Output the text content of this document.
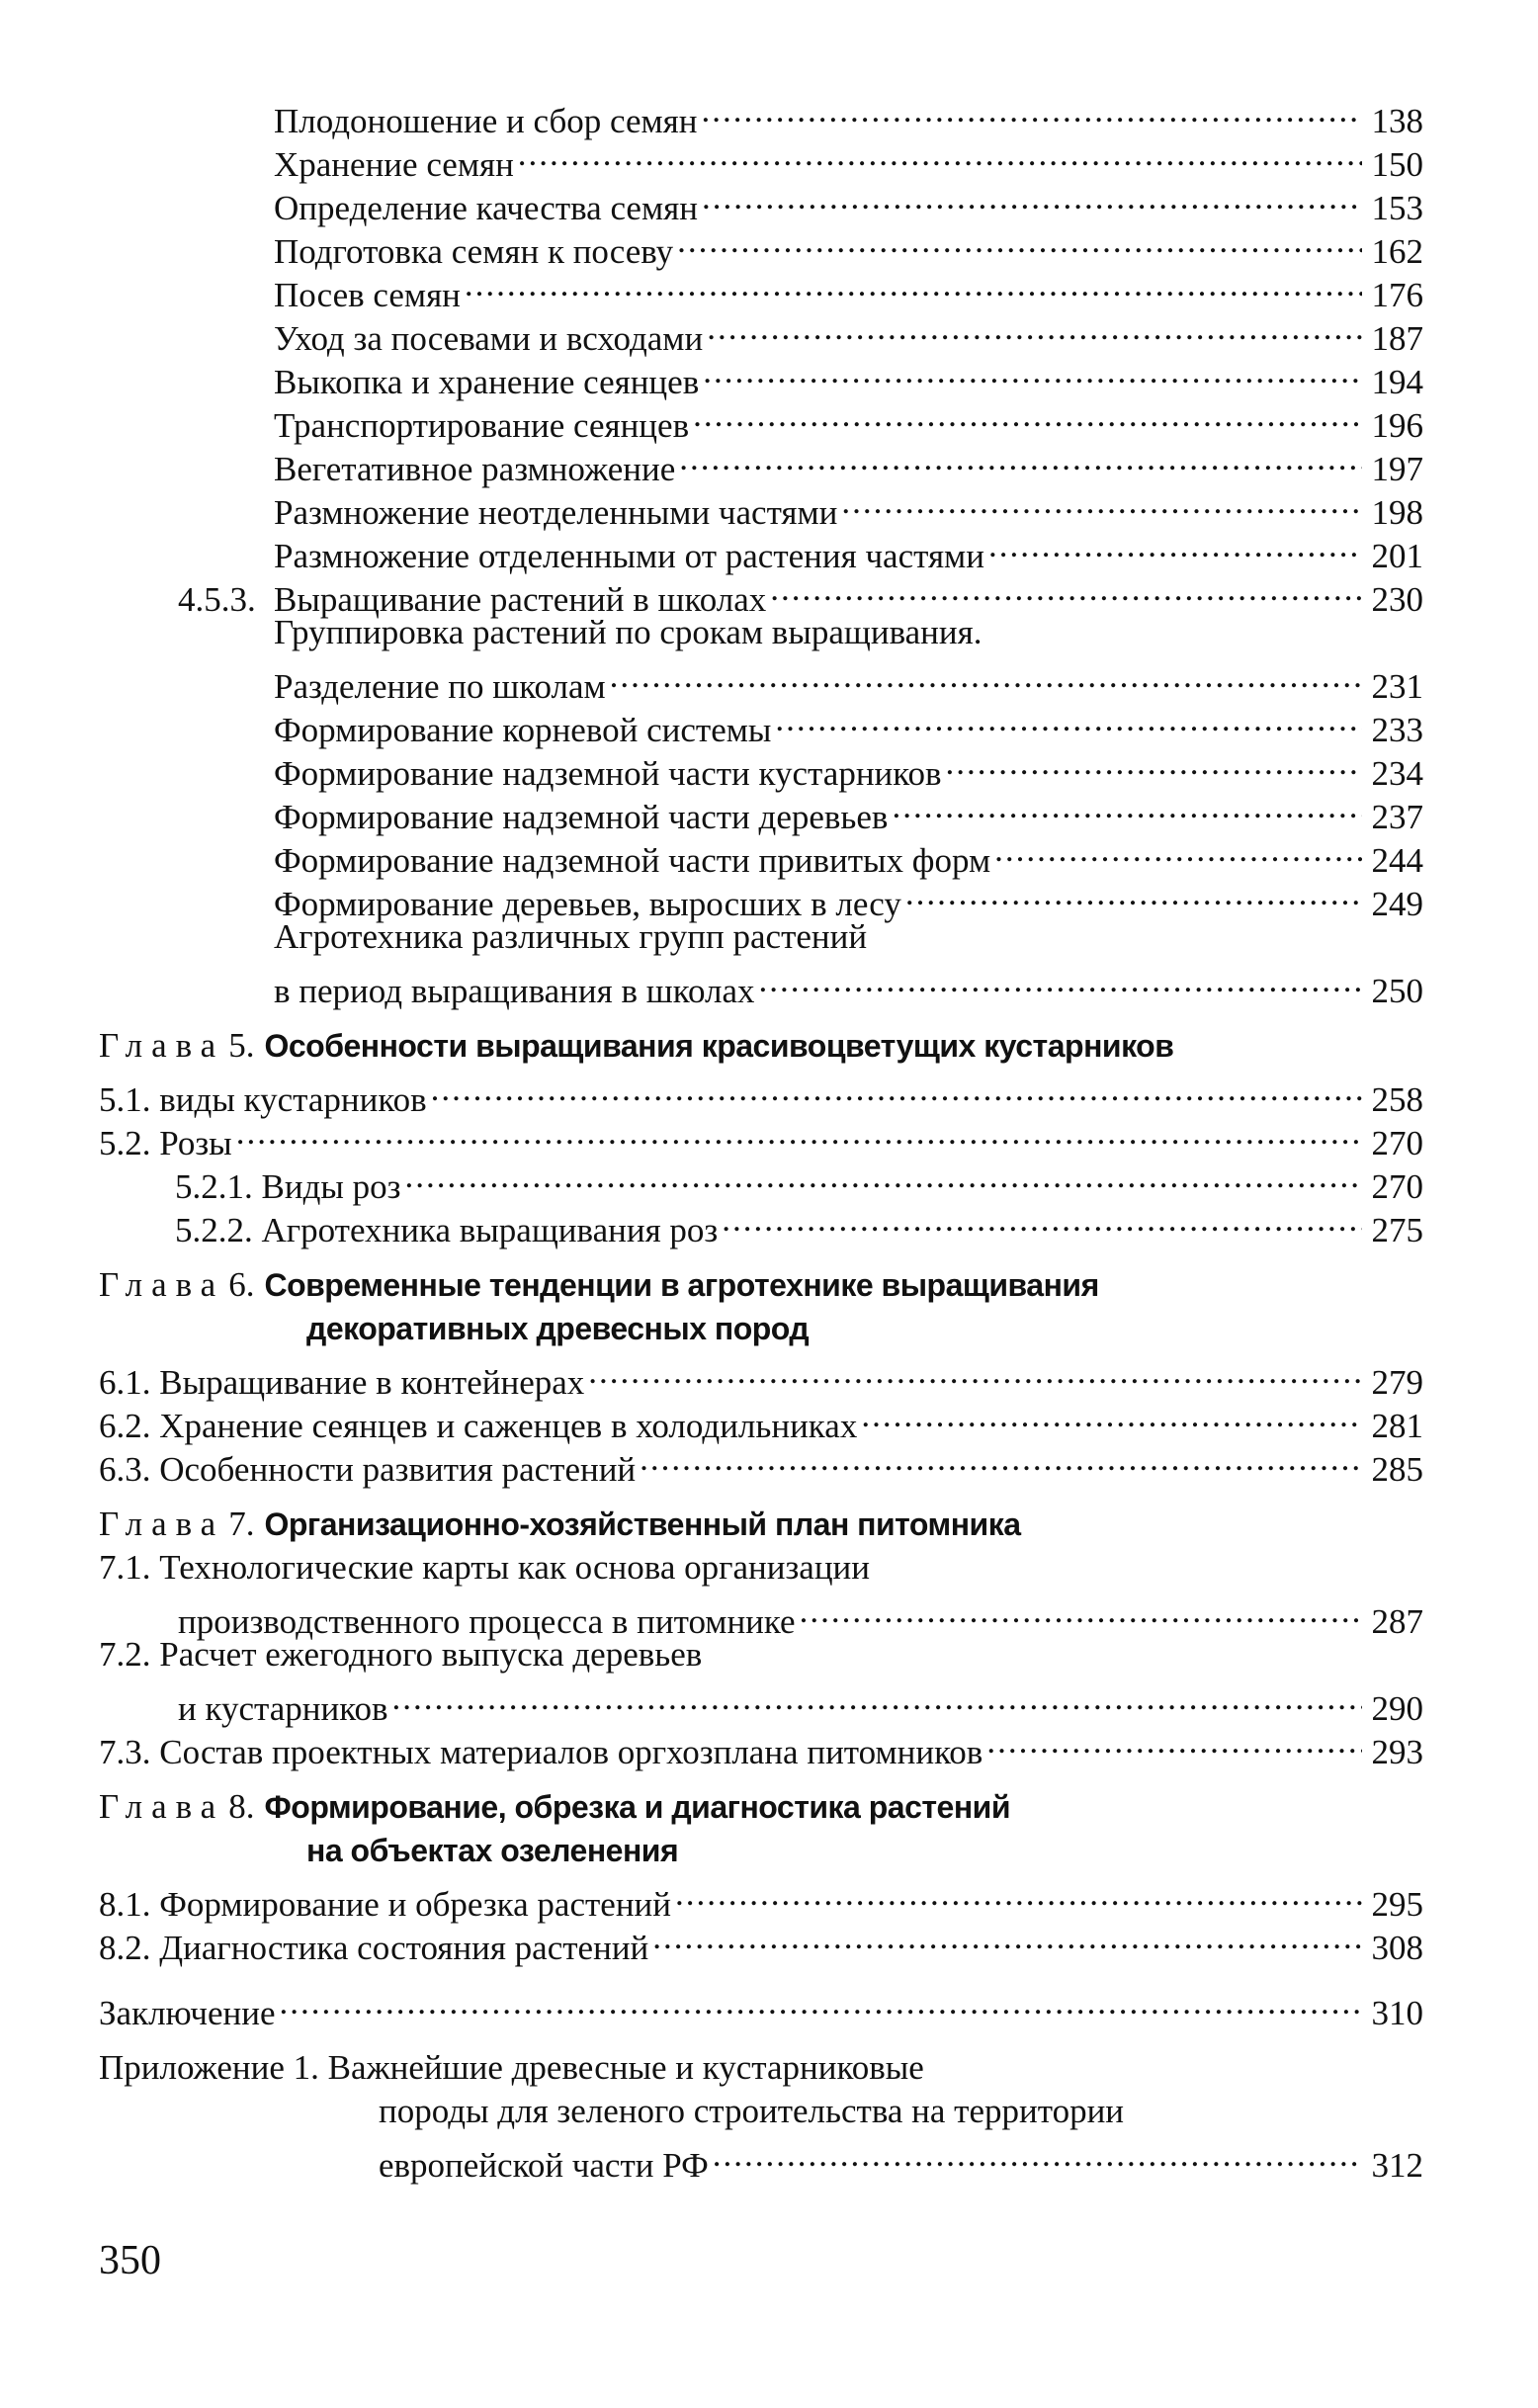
Плодоношение и сбор семян .....	138
Хранение семян .....	150
Определение качества семян .....	153
Подготовка семян к посеву .....	162
Посев семян .....	176
Уход за посевами и всходами .....	187
Выкопка и хранение сеянцев .....	194
Транспортирование сеянцев .....	196
Вегетативное размножение .....	197
Размножение неотделенными частями .....	198
Размножение отделенными от растения частями .....	201
4.5.3. Выращивание растений в школах .....	230
Группировка растений по срокам выращивания.
Разделение по школам .....	231
Формирование корневой системы .....	233
Формирование надземной части кустарников .....	234
Формирование надземной части деревьев .....	237
Формирование надземной части привитых форм .....	244
Формирование деревьев, выросших в лесу .....	249
Агротехника различных групп растений
в период выращивания в школах .....	250
Глава 5. Особенности выращивания красивоцветущих кустарников
5.1. виды кустарников .....	258
5.2. Розы .....	270
5.2.1. Виды роз .....	270
5.2.2. Агротехника выращивания роз .....	275
Глава 6. Современные тенденции в агротехнике выращивания
декоративных древесных пород
6.1. Выращивание в контейнерах .....	279
6.2. Хранение сеянцев и саженцев в холодильниках .....	281
6.3. Особенности развития растений .....	285
Глава 7. Организационно-хозяйственный план питомника
7.1. Технологические карты как основа организации
производственного процесса в питомнике .....	287
7.2. Расчет ежегодного выпуска деревьев
и кустарников .....	290
7.3. Состав проектных материалов оргхозплана питомников .....	293
Глава 8. Формирование, обрезка и диагностика растений
на объектах озеленения
8.1. Формирование и обрезка растений .....	295
8.2. Диагностика состояния растений .....	308
Заключение .....	310
Приложение 1. Важнейшие древесные и кустарниковые
породы для зеленого строительства на территории
европейской части РФ .....	312
350
